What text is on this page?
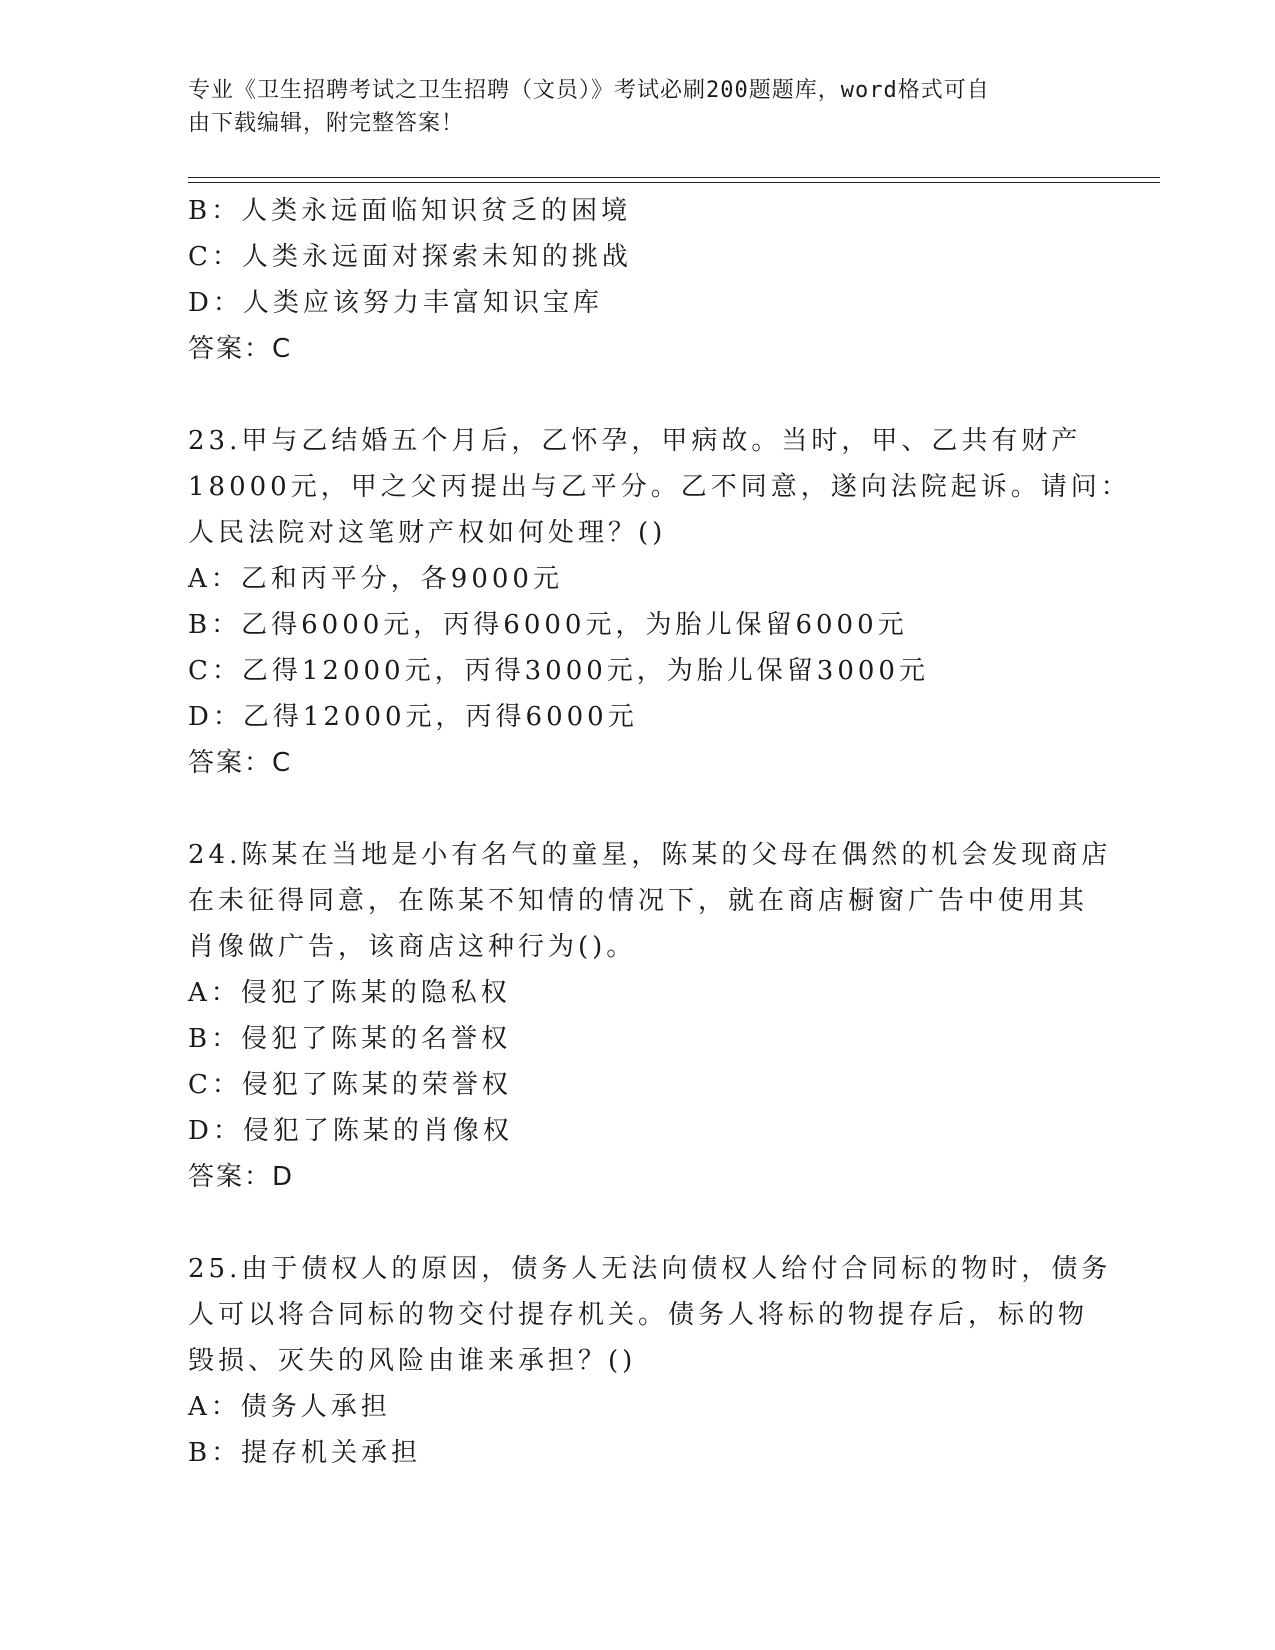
专业《卫生招聘考试之卫生招聘（文员）》考试必刷200题题库，word格式可自
由下载编辑，附完整答案！
B：人类永远面临知识贫乏的困境
C：人类永远面对探索未知的挑战
D：人类应该努力丰富知识宝库
答案：C
23.甲与乙结婚五个月后，乙怀孕，甲病故。当时，甲、乙共有财产
18000元，甲之父丙提出与乙平分。乙不同意，遂向法院起诉。请问：
人民法院对这笔财产权如何处理？()
A：乙和丙平分，各9000元
B：乙得6000元，丙得6000元，为胎儿保留6000元
C：乙得12000元，丙得3000元，为胎儿保留3000元
D：乙得12000元，丙得6000元
答案：C
24.陈某在当地是小有名气的童星，陈某的父母在偶然的机会发现商店
在未征得同意，在陈某不知情的情况下，就在商店橱窗广告中使用其
肖像做广告，该商店这种行为()。
A：侵犯了陈某的隐私权
B：侵犯了陈某的名誉权
C：侵犯了陈某的荣誉权
D：侵犯了陈某的肖像权
答案：D
25.由于债权人的原因，债务人无法向债权人给付合同标的物时，债务
人可以将合同标的物交付提存机关。债务人将标的物提存后，标的物
毁损、灭失的风险由谁来承担？()
A：债务人承担
B：提存机关承担
